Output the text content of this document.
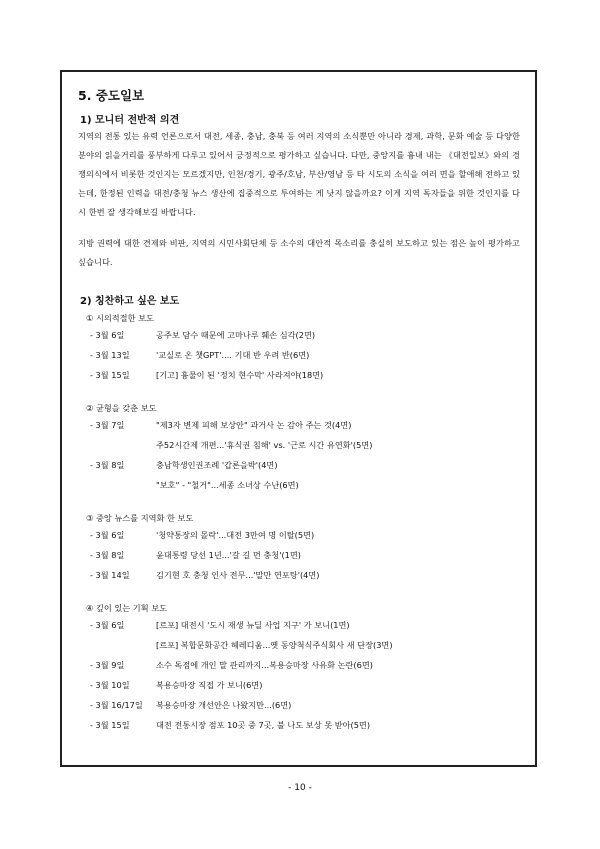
5. 중도일보
1) 모니터 전반적 의견
지역의 전통 있는 유력 언론으로서 대전, 세종, 충남, 충북 등 여러 지역의 소식뿐만 아니라 경제, 과학, 문화 예술 등 다양한 분야의 읽을거리를 풍부하게 다루고 있어서 긍정적으로 평가하고 싶습니다. 다만, 중앙지를 흉내 내는 《대전일보》와의 경쟁의식에서 비롯한 것인지는 모르겠지만, 인천/경기, 광주/호남, 부산/영남 등 타 시도의 소식을 여러 면을 할애해 전하고 있는데, 한정된 인력을 대전/충청 뉴스 생산에 집중적으로 투여하는 게 낫지 않을까요? 이게 지역 독자들을 위한 것인지를 다시 한번 잘 생각해보길 바랍니다.
지방 권력에 대한 견제와 비판, 지역의 시민사회단체 등 소수의 대안적 목소리를 충실히 보도하고 있는 점은 높이 평가하고 싶습니다.
2) 칭찬하고 싶은 보도
① 시의적절한 보도
- 3월 6일	공주보 담수 때문에 고마나루 훼손 심각(2면)
- 3월 13일	'교실로 온 챗GPT'.... 기대 반 우려 반(6면)
- 3월 15일	[기고] 흉물이 된 '정치 현수막' 사라져야(18면)
② 균형을 갖춘 보도
- 3월 7일	"제3자 변제 피해 보상안" 과거사 논 감아 주는 것(4면)
주52시간제 개편...'휴식권 침해' vs. '근로 시간 유연화'(5면)
- 3월 8일	충남학생인권조례 '갑론을박'(4면)
"보호" - "철거"...세종 소녀상 수난(6면)
③ 중앙 뉴스를 지역화 한 보도
- 3월 6일	'청약통장의 몰락'...대전 3만여 명 이탈(5면)
- 3월 8일	윤대통령 당선 1년...'갈 길 먼 충청'(1면)
- 3월 14일	김기현 호 충청 인사 전무...'말만 연포탕'(4면)
④ 깊이 있는 기획 보도
- 3월 6일	[르포] 대전시 '도시 재생 뉴딜 사업 지구' 가 보니(1면)
[르포] 복합문화공간 헤레디움...옛 동양척식주식회사 새 단장(3면)
- 3월 9일	소수 독점에 개인 말 관리까지...복용승마장 사유화 논란(6면)
- 3월 10일	복용승마장 직접 가 보니(6면)
- 3월 16/17일 복용승마장 개선안은 나왔지만...(6면)
- 3월 15일	대전 전통시장 점포 10곳 중 7곳, 불 나도 보상 못 받아(5면)
- 10 -
